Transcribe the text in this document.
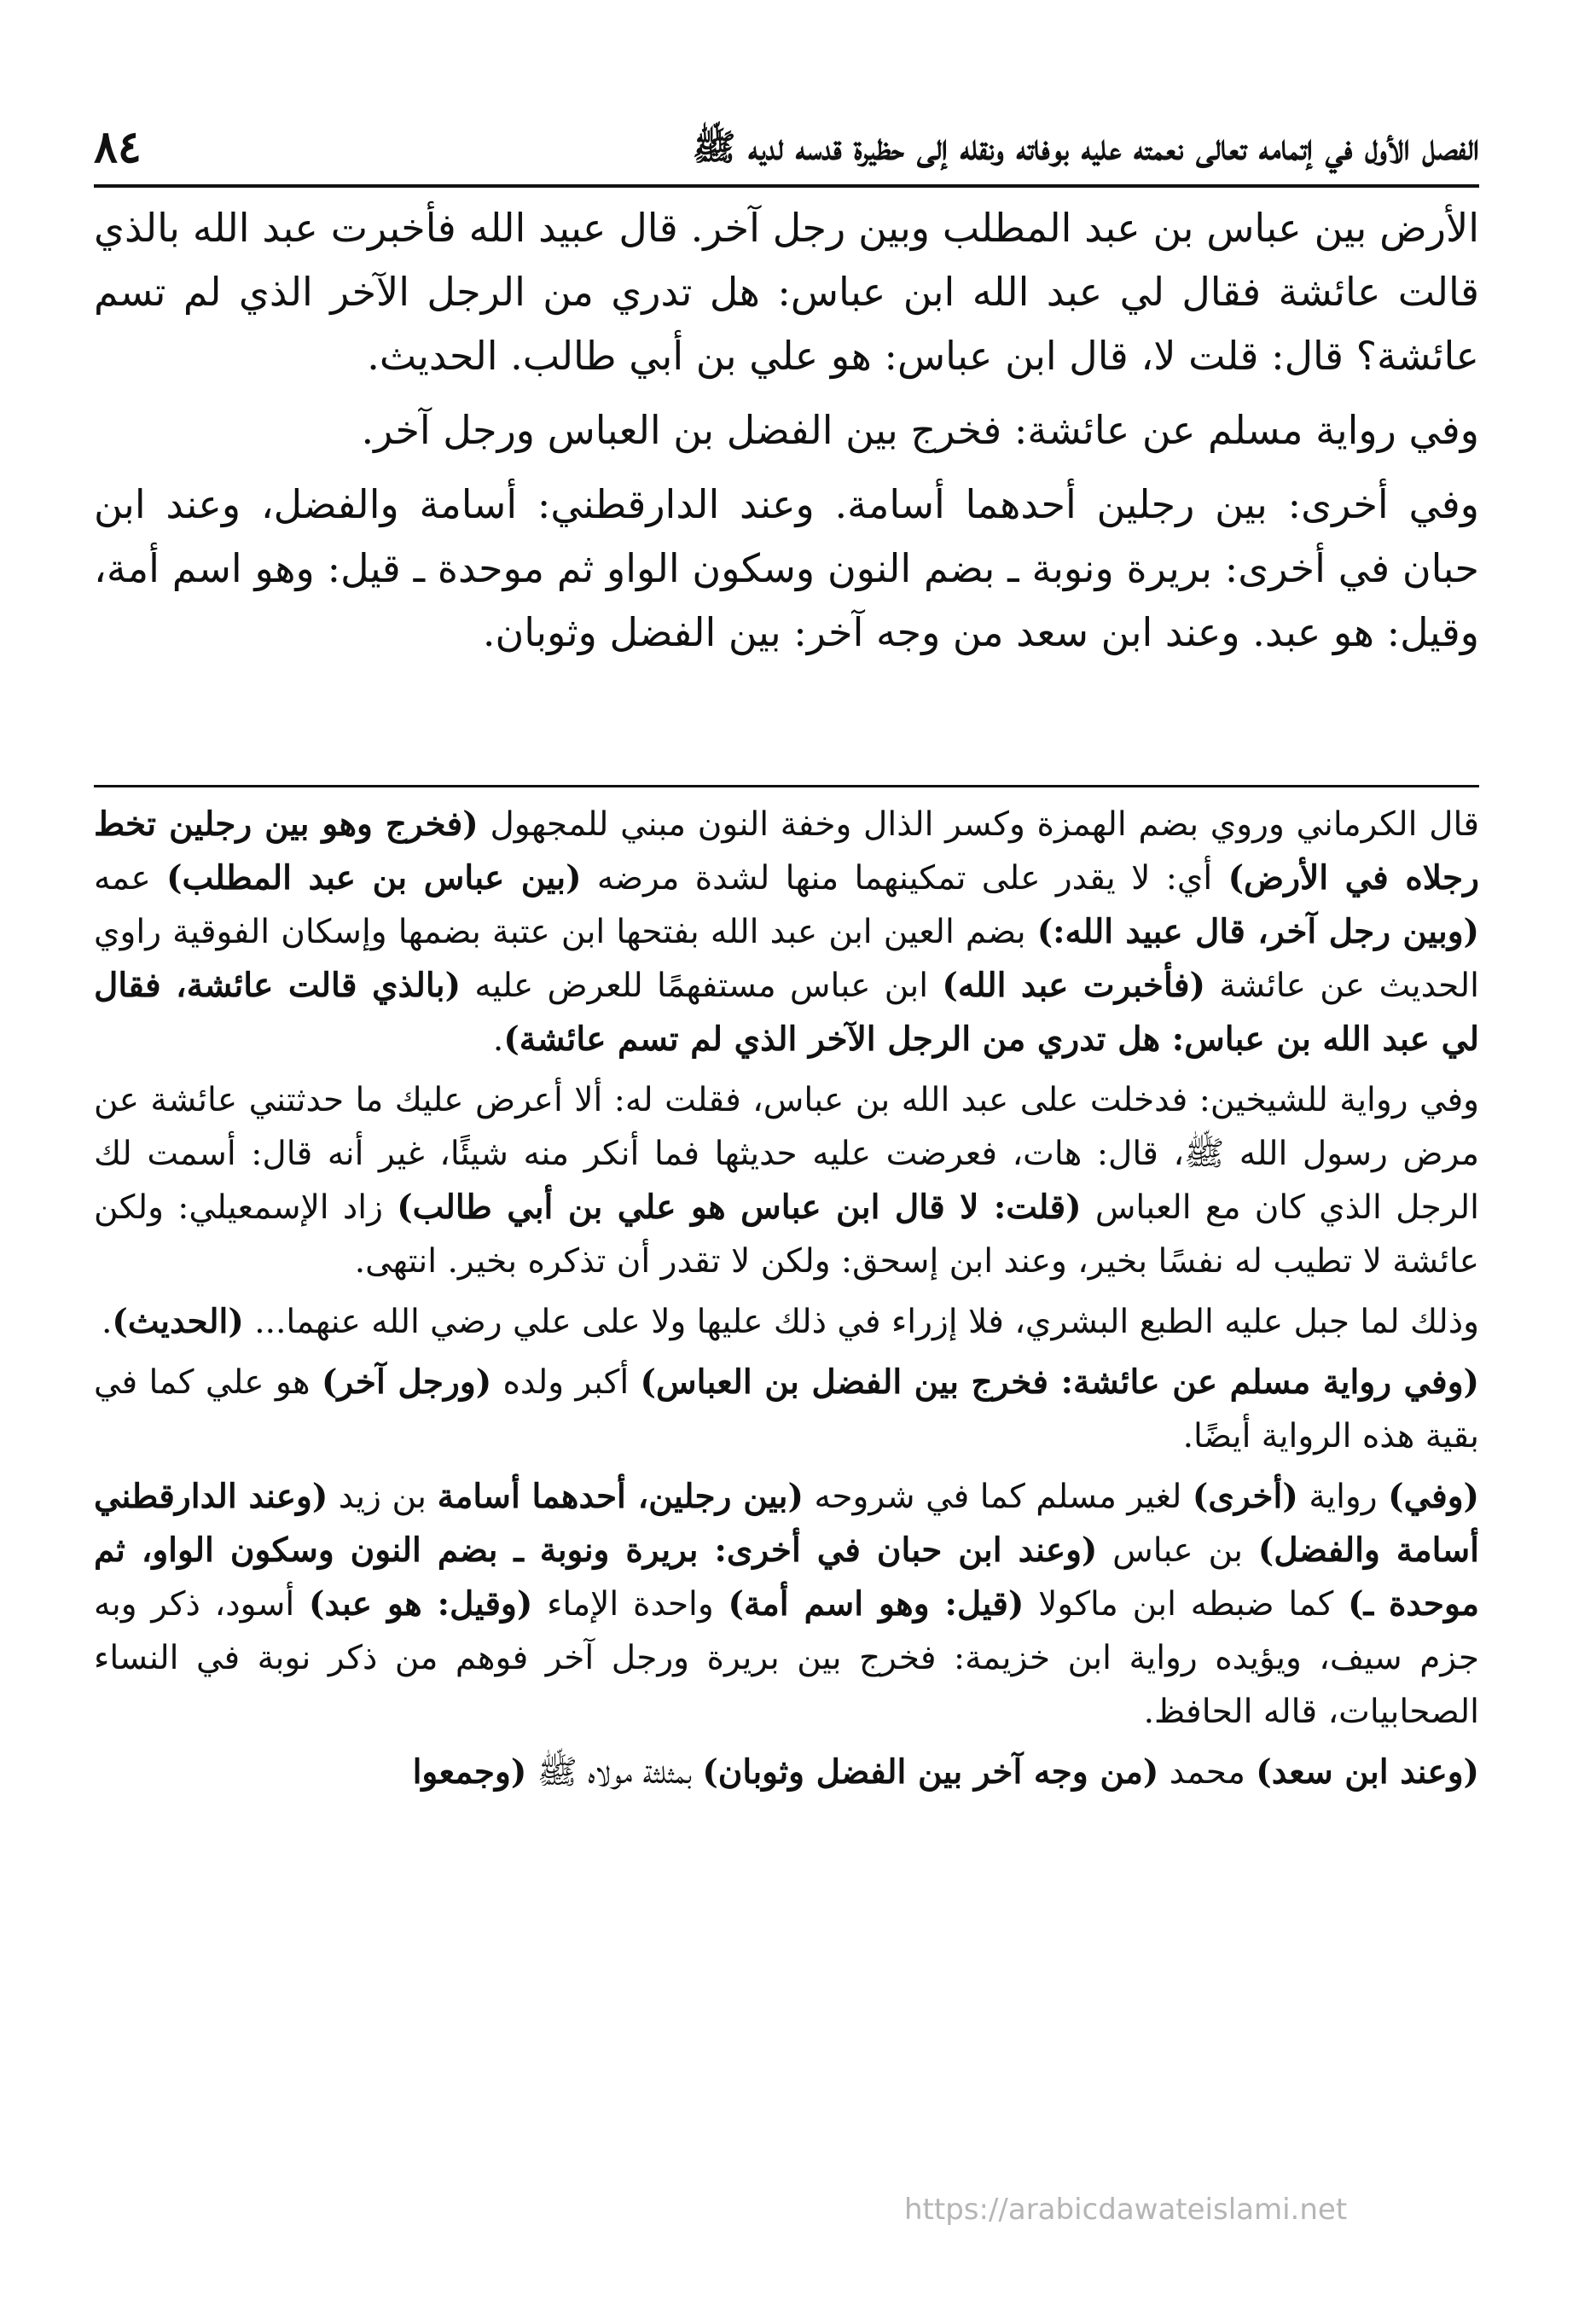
الفصل الأول في إتمامه تعالى نعمته عليه بوفاته ونقله إلى حظيرة قدسه لديه ﷺ
٨٤

الأرض بين عباس بن عبد المطلب وبين رجل آخر. قال عبيد الله فأخبرت عبد الله بالذي قالت عائشة فقال لي عبد الله ابن عباس: هل تدري من الرجل الآخر الذي لم تسم عائشة؟ قال: قلت لا، قال ابن عباس: هو علي بن أبي طالب. الحديث.

وفي رواية مسلم عن عائشة: فخرج بين الفضل بن العباس ورجل آخر.

وفي أخرى: بين رجلين أحدهما أسامة. وعند الدارقطني: أسامة والفضل، وعند ابن حبان في أخرى: بريرة ونوبة ـ بضم النون وسكون الواو ثم موحدة ـ قيل: وهو اسم أمة، وقيل: هو عبد. وعند ابن سعد من وجه آخر: بين الفضل وثوبان.

قال الكرماني وروي بضم الهمزة وكسر الذال وخفة النون مبني للمجهول (فخرج وهو بين رجلين تخط رجلاه في الأرض) أي: لا يقدر على تمكينهما منها لشدة مرضه (بين عباس بن عبد المطلب) عمه (وبين رجل آخر، قال عبيد الله:) بضم العين ابن عبد الله بفتحها ابن عتبة بضمها وإسكان الفوقية راوي الحديث عن عائشة (فأخبرت عبد الله) ابن عباس مستفهمًا للعرض عليه (بالذي قالت عائشة، فقال لي عبد الله بن عباس: هل تدري من الرجل الآخر الذي لم تسم عائشة).

وفي رواية للشيخين: فدخلت على عبد الله بن عباس، فقلت له: ألا أعرض عليك ما حدثتني عائشة عن مرض رسول الله ﷺ، قال: هات، فعرضت عليه حديثها فما أنكر منه شيئًا، غير أنه قال: أسمت لك الرجل الذي كان مع العباس (قلت: لا قال ابن عباس هو علي بن أبي طالب) زاد الإسمعيلي: ولكن عائشة لا تطيب له نفسًا بخير، وعند ابن إسحق: ولكن لا تقدر أن تذكره بخير. انتهى.

وذلك لما جبل عليه الطبع البشري، فلا إزراء في ذلك عليها ولا على علي رضي الله عنهما... (الحديث).

(وفي رواية مسلم عن عائشة: فخرج بين الفضل بن العباس) أكبر ولده (ورجل آخر) هو علي كما في بقية هذه الرواية أيضًا.

(وفي) رواية (أخرى) لغير مسلم كما في شروحه (بين رجلين، أحدهما أسامة بن زيد (وعند الدارقطني أسامة والفضل) بن عباس (وعند ابن حبان في أخرى: بريرة ونوبة ـ بضم النون وسكون الواو، ثم موحدة ـ) كما ضبطه ابن ماكولا (قيل: وهو اسم أمة) واحدة الإماء (وقيل: هو عبد) أسود، ذكر وبه جزم سيف، ويؤيده رواية ابن خزيمة: فخرج بين بريرة ورجل آخر فوهم من ذكر نوبة في النساء الصحابيات، قاله الحافظ.

(وعند ابن سعد) محمد (من وجه آخر بين الفضل وثوبان) بمثلثة مولاه ﷺ (وجمعوا

https://arabicdawateislami.net
